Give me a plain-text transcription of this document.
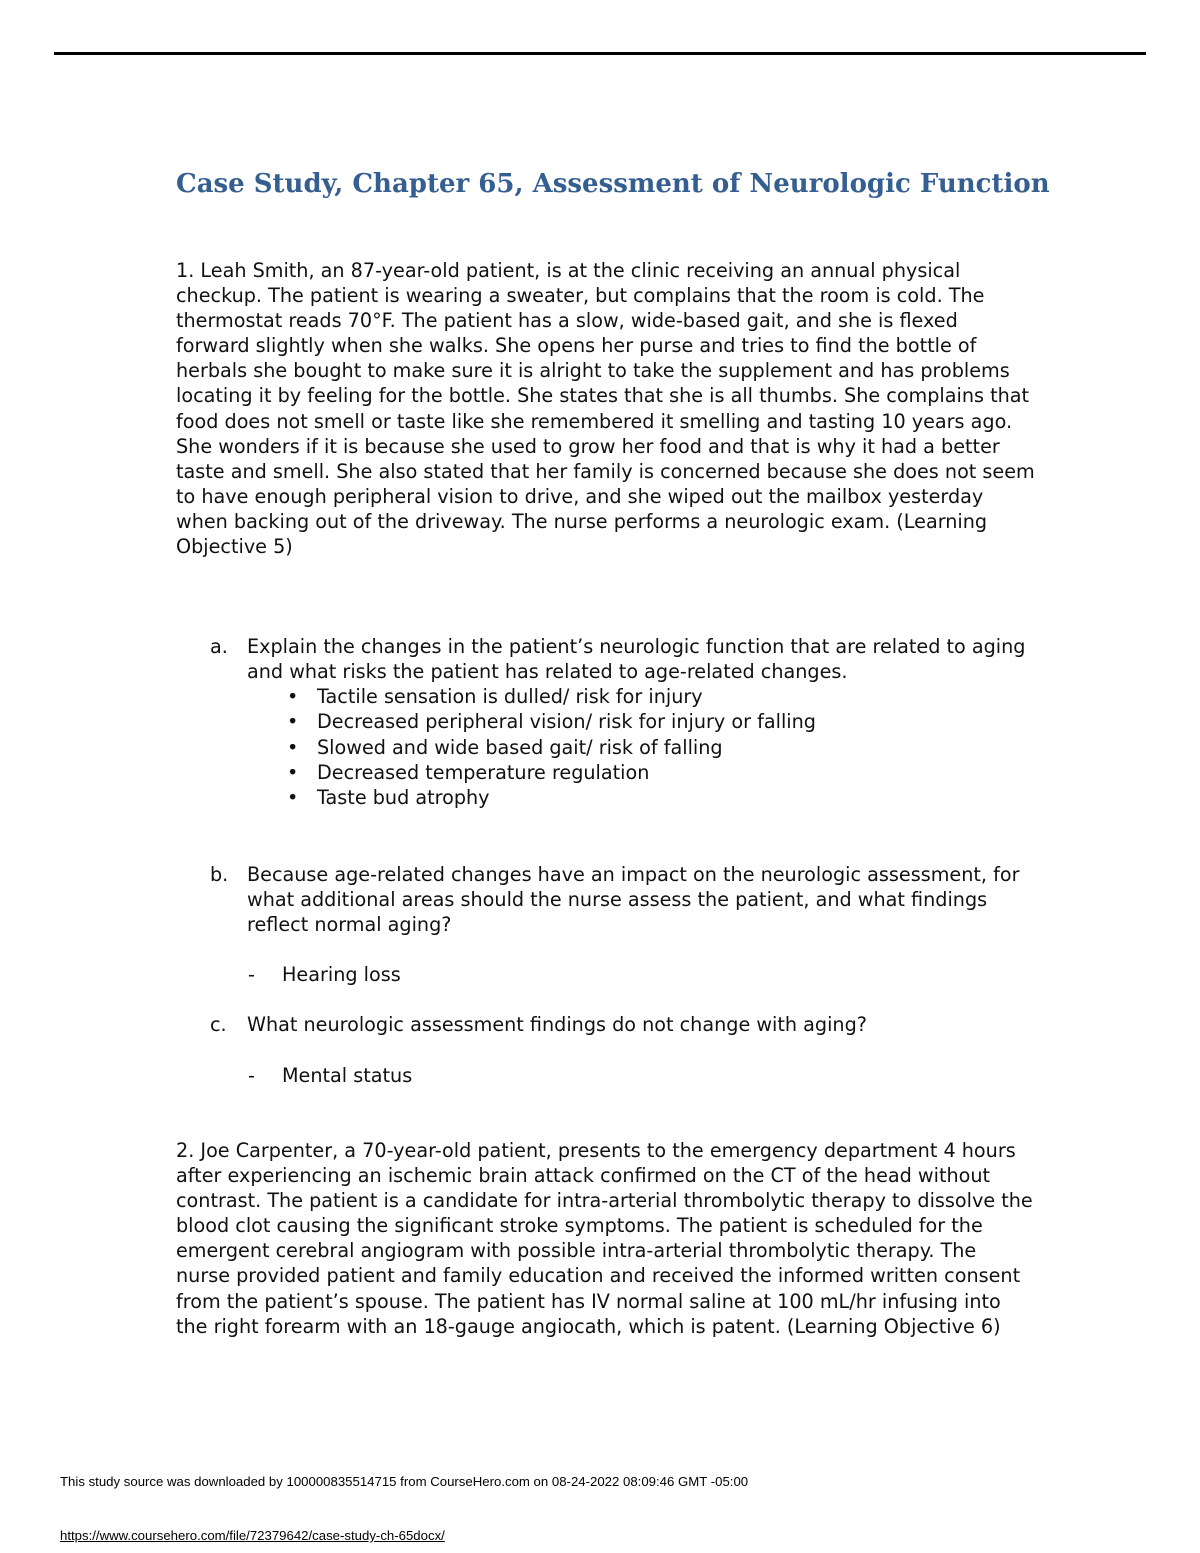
Case Study, Chapter 65, Assessment of Neurologic Function

1. Leah Smith, an 87-year-old patient, is at the clinic receiving an annual physical checkup. The patient is wearing a sweater, but complains that the room is cold. The thermostat reads 70°F. The patient has a slow, wide-based gait, and she is flexed forward slightly when she walks. She opens her purse and tries to find the bottle of herbals she bought to make sure it is alright to take the supplement and has problems locating it by feeling for the bottle. She states that she is all thumbs. She complains that food does not smell or taste like she remembered it smelling and tasting 10 years ago. She wonders if it is because she used to grow her food and that is why it had a better taste and smell. She also stated that her family is concerned because she does not seem to have enough peripheral vision to drive, and she wiped out the mailbox yesterday when backing out of the driveway. The nurse performs a neurologic exam. (Learning Objective 5)

a. Explain the changes in the patient’s neurologic function that are related to aging and what risks the patient has related to age-related changes.
• Tactile sensation is dulled/ risk for injury
• Decreased peripheral vision/ risk for injury or falling
• Slowed and wide based gait/ risk of falling
• Decreased temperature regulation
• Taste bud atrophy
b. Because age-related changes have an impact on the neurologic assessment, for what additional areas should the nurse assess the patient, and what findings reflect normal aging?
- Hearing loss
c.	What neurologic assessment findings do not change with aging?
- Mental status

2. Joe Carpenter, a 70-year-old patient, presents to the emergency department 4 hours after experiencing an ischemic brain attack confirmed on the CT of the head without contrast. The patient is a candidate for intra-arterial thrombolytic therapy to dissolve the blood clot causing the significant stroke symptoms. The patient is scheduled for the emergent cerebral angiogram with possible intra-arterial thrombolytic therapy. The nurse provided patient and family education and received the informed written consent from the patient’s spouse. The patient has IV normal saline at 100 mL/hr infusing into the right forearm with an 18-gauge angiocath, which is patent. (Learning Objective 6)

This study source was downloaded by 100000835514715 from CourseHero.com on 08-24-2022 08:09:46 GMT -05:00
https://www.coursehero.com/file/72379642/case-study-ch-65docx/
